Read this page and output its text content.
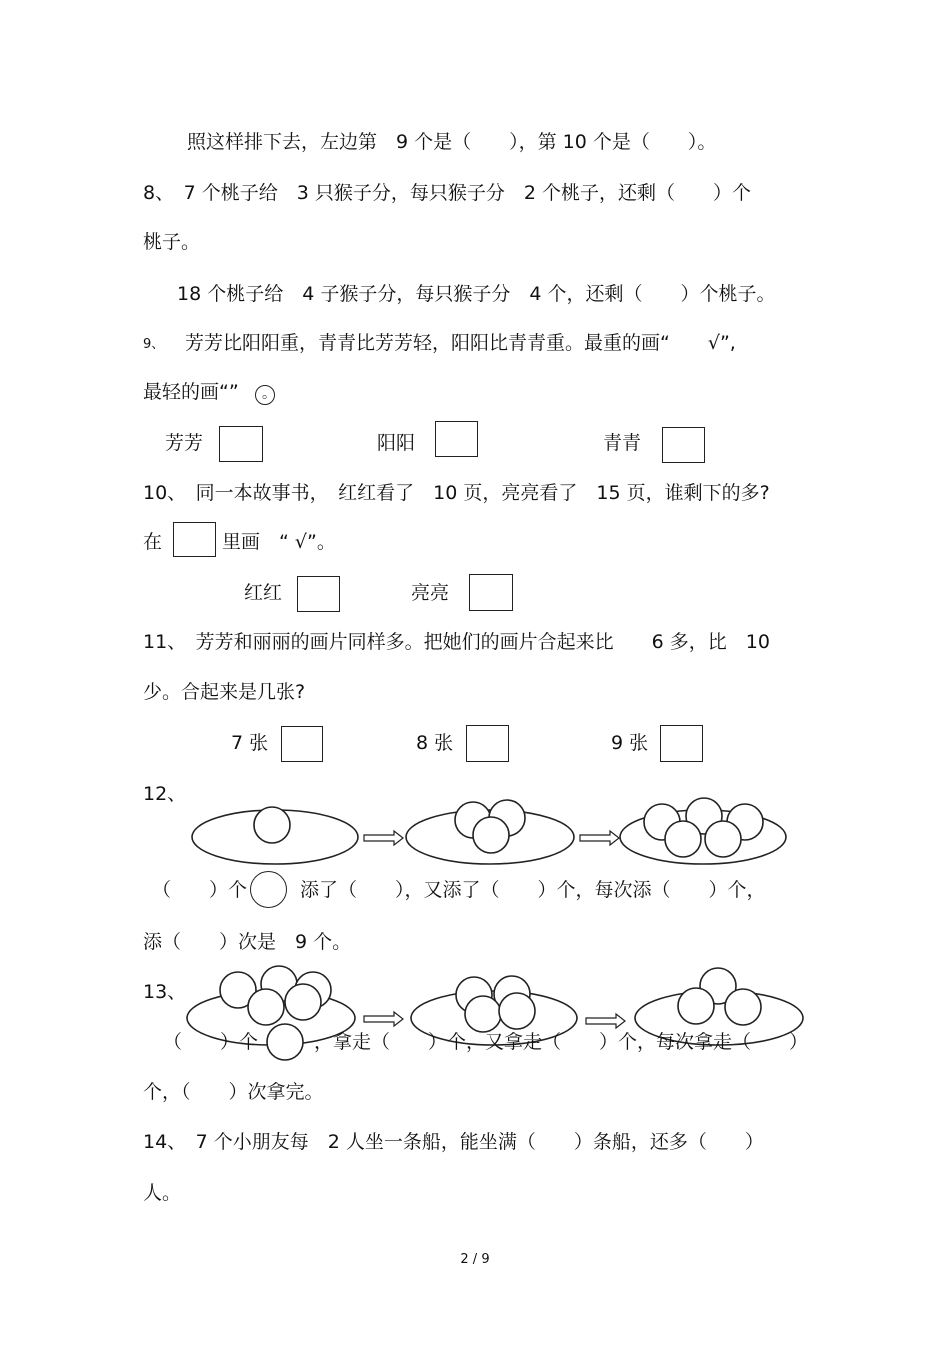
照这样排下去，左边第　9 个是（　　），第 10 个是（　　）。
8、　7 个桃子给　3 只猴子分，每只猴子分　2 个桃子，还剩（　　）个
桃子。
18 个桃子给　4 子猴子分，每只猴子分　4 个，还剩（　　）个桃子。
9、 芳芳比阳阳重，青青比芳芳轻，阳阳比青青重。最重的画“　　√”,
最轻的画“” 。
芳芳	阳阳	青青
10、　同一本故事书，　红红看了　10 页，亮亮看了　15 页，谁剩下的多?
在	里画　“ √”。
红红	亮亮
11、　芳芳和丽丽的画片同样多。把她们的画片合起来比　　6 多，比　10
少。合起来是几张?
7 张	8 张	9 张
12、
（　　）个	添了（　　），又添了（　　）个，每次添（　　）个，
添（　　）次是　9 个。
13、
（　　）个	，拿走（　　）个，又拿走（　　）个，每次拿走（　　）
个，（　　）次拿完。
14、　7 个小朋友每　2 人坐一条船，能坐满（　　）条船，还多（　　）
人。
2 / 9
